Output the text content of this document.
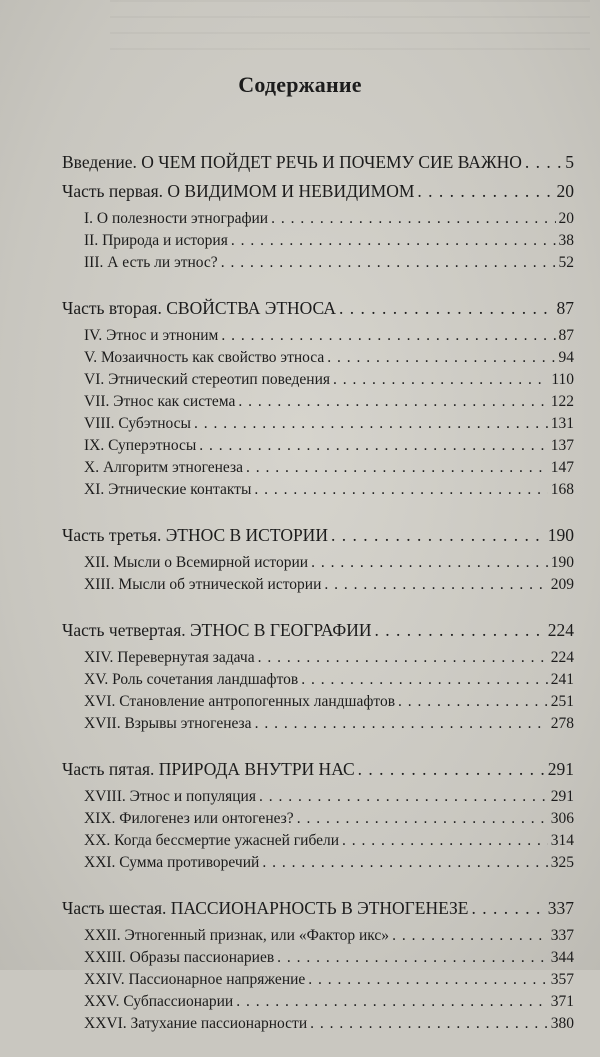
Содержание
Введение. О ЧЕМ ПОЙДЕТ РЕЧЬ И ПОЧЕМУ СИЕ ВАЖНО . . . 5
Часть первая. О ВИДИМОМ И НЕВИДИМОМ . . .	20
I. О полезности этнографии . . .	20
II. Природа и история . . .	38
III. А есть ли этнос? . . .	52
Часть вторая. СВОЙСТВА ЭТНОСА . . .	87
IV. Этнос и этноним . . .	87
V. Мозаичность как свойство этноса . . .	94
VI. Этнический стереотип поведения . . .	110
VII. Этнос как система . . .	122
VIII. Субэтносы . . .	131
IX. Суперэтносы . . .	137
X. Алгоритм этногенеза . . .	147
XI. Этнические контакты . . .	168
Часть третья. ЭТНОС В ИСТОРИИ . . .	190
XII. Мысли о Всемирной истории . . .	190
XIII. Мысли об этнической истории . . .	209
Часть четвертая. ЭТНОС В ГЕОГРАФИИ . . .	224
XIV. Перевернутая задача . . .	224
XV. Роль сочетания ландшафтов . . .	241
XVI. Становление антропогенных ландшафтов . . .	251
XVII. Взрывы этногенеза . . .	278
Часть пятая. ПРИРОДА ВНУТРИ НАС . . .	291
XVIII. Этнос и популяция . . .	291
XIX. Филогенез или онтогенез? . . .	306
XX. Когда бессмертие ужасней гибели . . .	314
XXI. Сумма противоречий . . .	325
Часть шестая. ПАССИОНАРНОСТЬ В ЭТНОГЕНЕЗЕ . . .	337
XXII. Этногенный признак, или «Фактор икс» . . .	337
XXIII. Образы пассионариев . . .	344
XXIV. Пассионарное напряжение . . .	357
XXV. Субпассионарии . . .	371
XXVI. Затухание пассионарности . . .	380
